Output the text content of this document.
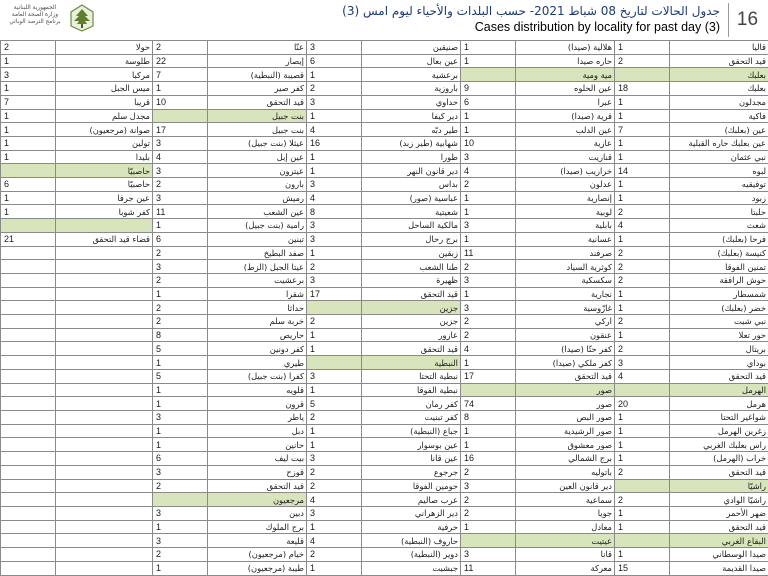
الجمهورية اللبنانية
وزارة الصحة العامة
برنامج الترصد الوبائي
جدول الحالات لتاريخ 08 شباط 2021- حسب البلدات والأحياء ليوم امس (3)
Cases distribution by locality for past day (3) 16
قاليا	1	هلالية (صيدا)	1	صنيقين	3	عنّا	2	حولا	2
قيد التحقق	2	حاره صيدا	1	عين بعال	6	إيصار	22	طلوسة	1
بعلبك		مية ومية		برعشية	1	قصيبة (النبطية)	7	مركبا	3
بعلبك	18	عين الحلوه	9	باروزية	2	كفر صير	1	ميس الجبل	1
مجدلون	1	عبرا	6	حداوي	3	قيد التحقق	10	قريبا	7
فاكية	1	قرية (صيدا)	1	دير كيفا	1	بنت جبيل		مجدل سلم	1
عين (بعلبك)	7	عين الدلب	1	طير دبّه	4	بنت جبيل	17	صوانة (مرجعيون)	1
عين بعلبك حاره القبلية	1	عازية	10	شهابية (طير زبد)	16	عيثلا (بنت جبيل)	3	تولين	1
نبي عثمان	1	قناريت	3	طورا	1	عين إبل	4	بليدا	1
لبوه	14	خراريب (صيدا)	4	دير قانون النهر	1	عيترون	3	حاصبيّا	
توفيقيه	1	عدلون	2	بداس	3	بارون	2	حاصبيّا	6
زبود	1	إنصارية	1	عباسية (صور)	4	رميش	3	عين جرفا	1
حلبتا	2	لوبية	1	شعيتية	8	عين الشعب	11	كفر شوبا	1
شعث	4	بابلية	3	مالكية الساحل	3	رامية (بنت جبيل)	1		
فرحا (بعلبك)	1	عسانية	1	برج رحال	3	تبنين	6	قضاء قيد التحقق	21
كنيسة (بعلبك)	2	صرفند	11	زبقين	1	صفد البطيخ	2		
تمنين الفوقا	2	كوثرية السياد	2	طنا الشعب	2	عيتا الجبل (الزط)	3		
حوش الرافقة	2	سكسكية	3	ظهيرة	3	برعشيت	2		
شمسطار	1	نجارية	1	قيد التحقق	17	شقرا	1		
خضر (بعلبك)	1	غازّوسية	3	جزين		حداثا	2		
نبي شيت	2	اركي	2	جزين	2	خربة سلم	2		
حور تعلا	1	عنقون	2	عازور	1	حاريص	8		
بريتال	2	كفر حتّا (صيدا)	4	قيد التحقق	1	كفر دونين	5		
بوداي	3	كفر ملكي (صيدا)	1	النبطية		طيري	1		
قيد التحقق	4	قيد التحقق	17	نبطية التحتا	3	كفرا (بنت جبيل)	5		
الهرمل		صور		نبطية الفوقا	1	قلويه	1		
هرمل	20	صور	74	كفر رمان	5	قرون	1		
شواغير التحتا	1	صور البص	8	كفر تبنيت	2	ياطر	3		
زغرين الهرمل	1	صور الرشيدية	1	جباع (النبطية)	1	دبل	1		
راس بعلبك الغربي	1	صور معشوق	1	عين بوسوار	1	حانين	1		
خراب (الهرمل)	1	برج الشمالي	16	عين قانا	3	بيت ليف	6		
قيد التحقق	2	باتوليه	2	جرجوع	2	قوزح	3		
راشيّا		دير قانون العين	3	حومين الفوقا	2	قيد التحقق	2		
راشيّا الوادي	2	سماعية	2	عرب صاليم	4	مرجعيون			
ضهر الأحمر	1	جويا	2	دير الزهراني	3	دبين	3		
قيد التحقق	1	معادل	1	حرفية	1	برج الملوك	1		
البقاع الغربي		عيتيت		حاروف (النبطية)	4	قليعة	3		
صيدا الوسطاني	1	قانا	3	دوير (النبطية)	2	خيام (مرجعيون)	2		
صيدا القديمة	15	معركة	11	جبشيت	1	طيبة (مرجعيون)	1		
